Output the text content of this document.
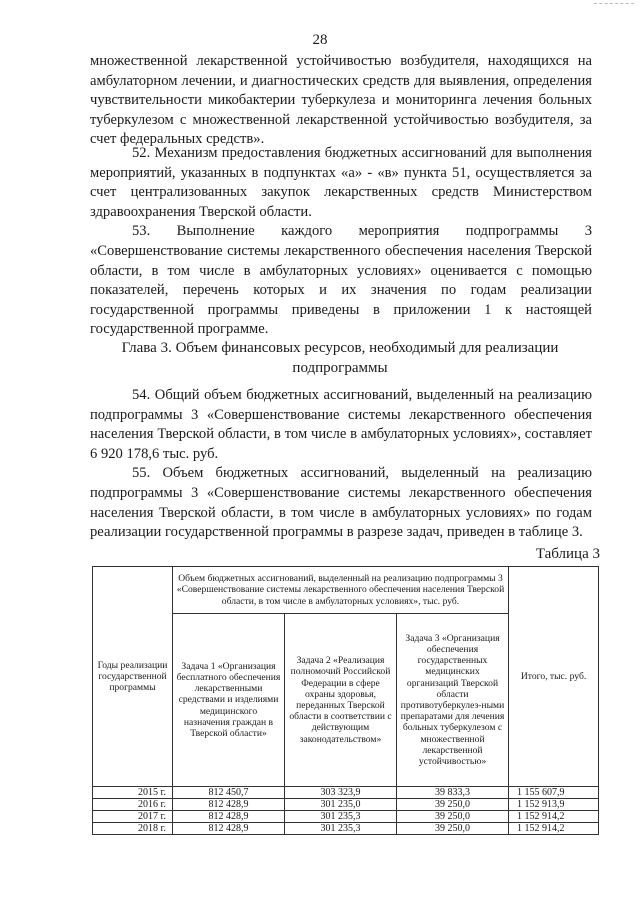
28

множественной лекарственной устойчивостью возбудителя, находящихся на амбулаторном лечении, и диагностических средств для выявления, определения чувствительности микобактерии туберкулеза и мониторинга лечения больных туберкулезом с множественной лекарственной устойчивостью возбудителя, за счет федеральных средств».

52. Механизм предоставления бюджетных ассигнований для выполнения мероприятий, указанных в подпунктах «а» - «в» пункта 51, осуществляется за счет централизованных закупок лекарственных средств Министерством здравоохранения Тверской области.

53. Выполнение каждого мероприятия подпрограммы 3 «Совершенствование системы лекарственного обеспечения населения Тверской области, в том числе в амбулаторных условиях» оценивается с помощью показателей, перечень которых и их значения по годам реализации государственной программы приведены в приложении 1 к настоящей государственной программе.

Глава 3. Объем финансовых ресурсов, необходимый для реализации подпрограммы

54. Общий объем бюджетных ассигнований, выделенный на реализацию подпрограммы 3 «Совершенствование системы лекарственного обеспечения населения Тверской области, в том числе в амбулаторных условиях», составляет 6 920 178,6 тыс. руб.

55. Объем бюджетных ассигнований, выделенный на реализацию подпрограммы 3 «Совершенствование системы лекарственного обеспечения населения Тверской области, в том числе в амбулаторных условиях» по годам реализации государственной программы в разрезе задач, приведен в таблице 3.

Таблица 3
Годы реализации государственной программы	Объем бюджетных ассигнований, выделенный на реализацию подпрограммы 3 «Совершенствование системы лекарственного обеспечения населения Тверской области, в том числе в амбулаторных условиях», тыс. руб.			Итого, тыс. руб.
	Задача 1 «Организация бесплатного обеспечения лекарственными средствами и изделиями медицинского назначения граждан в Тверской области»	Задача 2 «Реализация полномочий Российской Федерации в сфере охраны здоровья, переданных Тверской области в соответствии с действующим законодательством»	Задача 3 «Организация обеспечения государственных медицинских организаций Тверской области противотуберкулез-ными препаратами для лечения больных туберкулезом с множественной лекарственной устойчивостью»	
2015 г.	812 450,7	303 323,9	39 833,3	1 155 607,9
2016 г.	812 428,9	301 235,0	39 250,0	1 152 913,9
2017 г.	812 428,9	301 235,3	39 250,0	1 152 914,2
2018 г.	812 428,9	301 235,3	39 250,0	1 152 914,2
